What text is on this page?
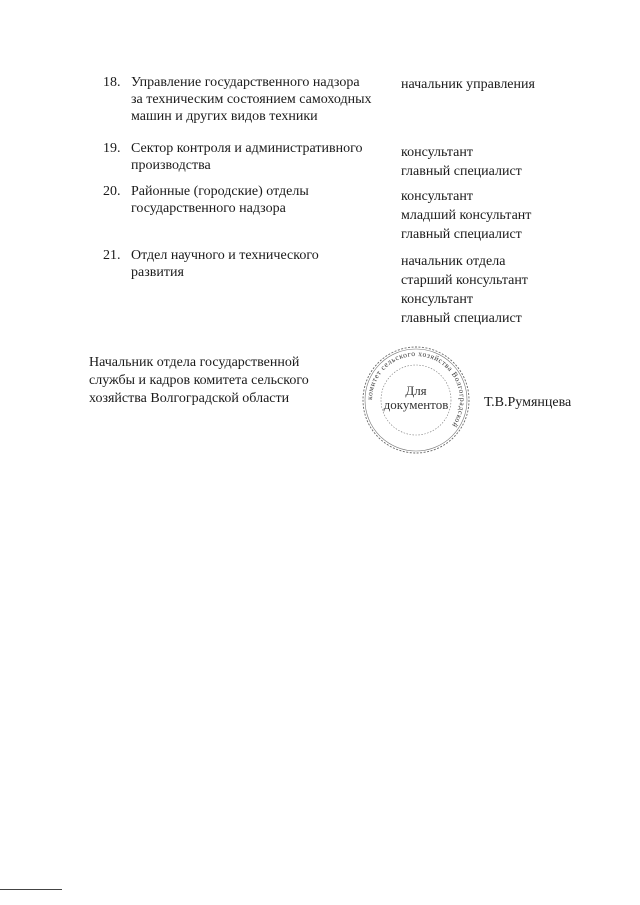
18. Управление государственного надзора
за техническим состоянием самоходных
машин и других видов техники
начальник управления
19. Сектор контроля и административного
производства
консультант
главный специалист
20. Районные (городские) отделы
государственного надзора
консультант
младший консультант
главный специалист
21. Отдел научного и технического
развития
начальник отдела
старший консультант
консультант
главный специалист
Начальник отдела государственной
службы и кадров комитета сельского
хозяйства Волгоградской области	комитет сельского хозяйства Волгоградской
Для
документов	Т.В.Румянцева
